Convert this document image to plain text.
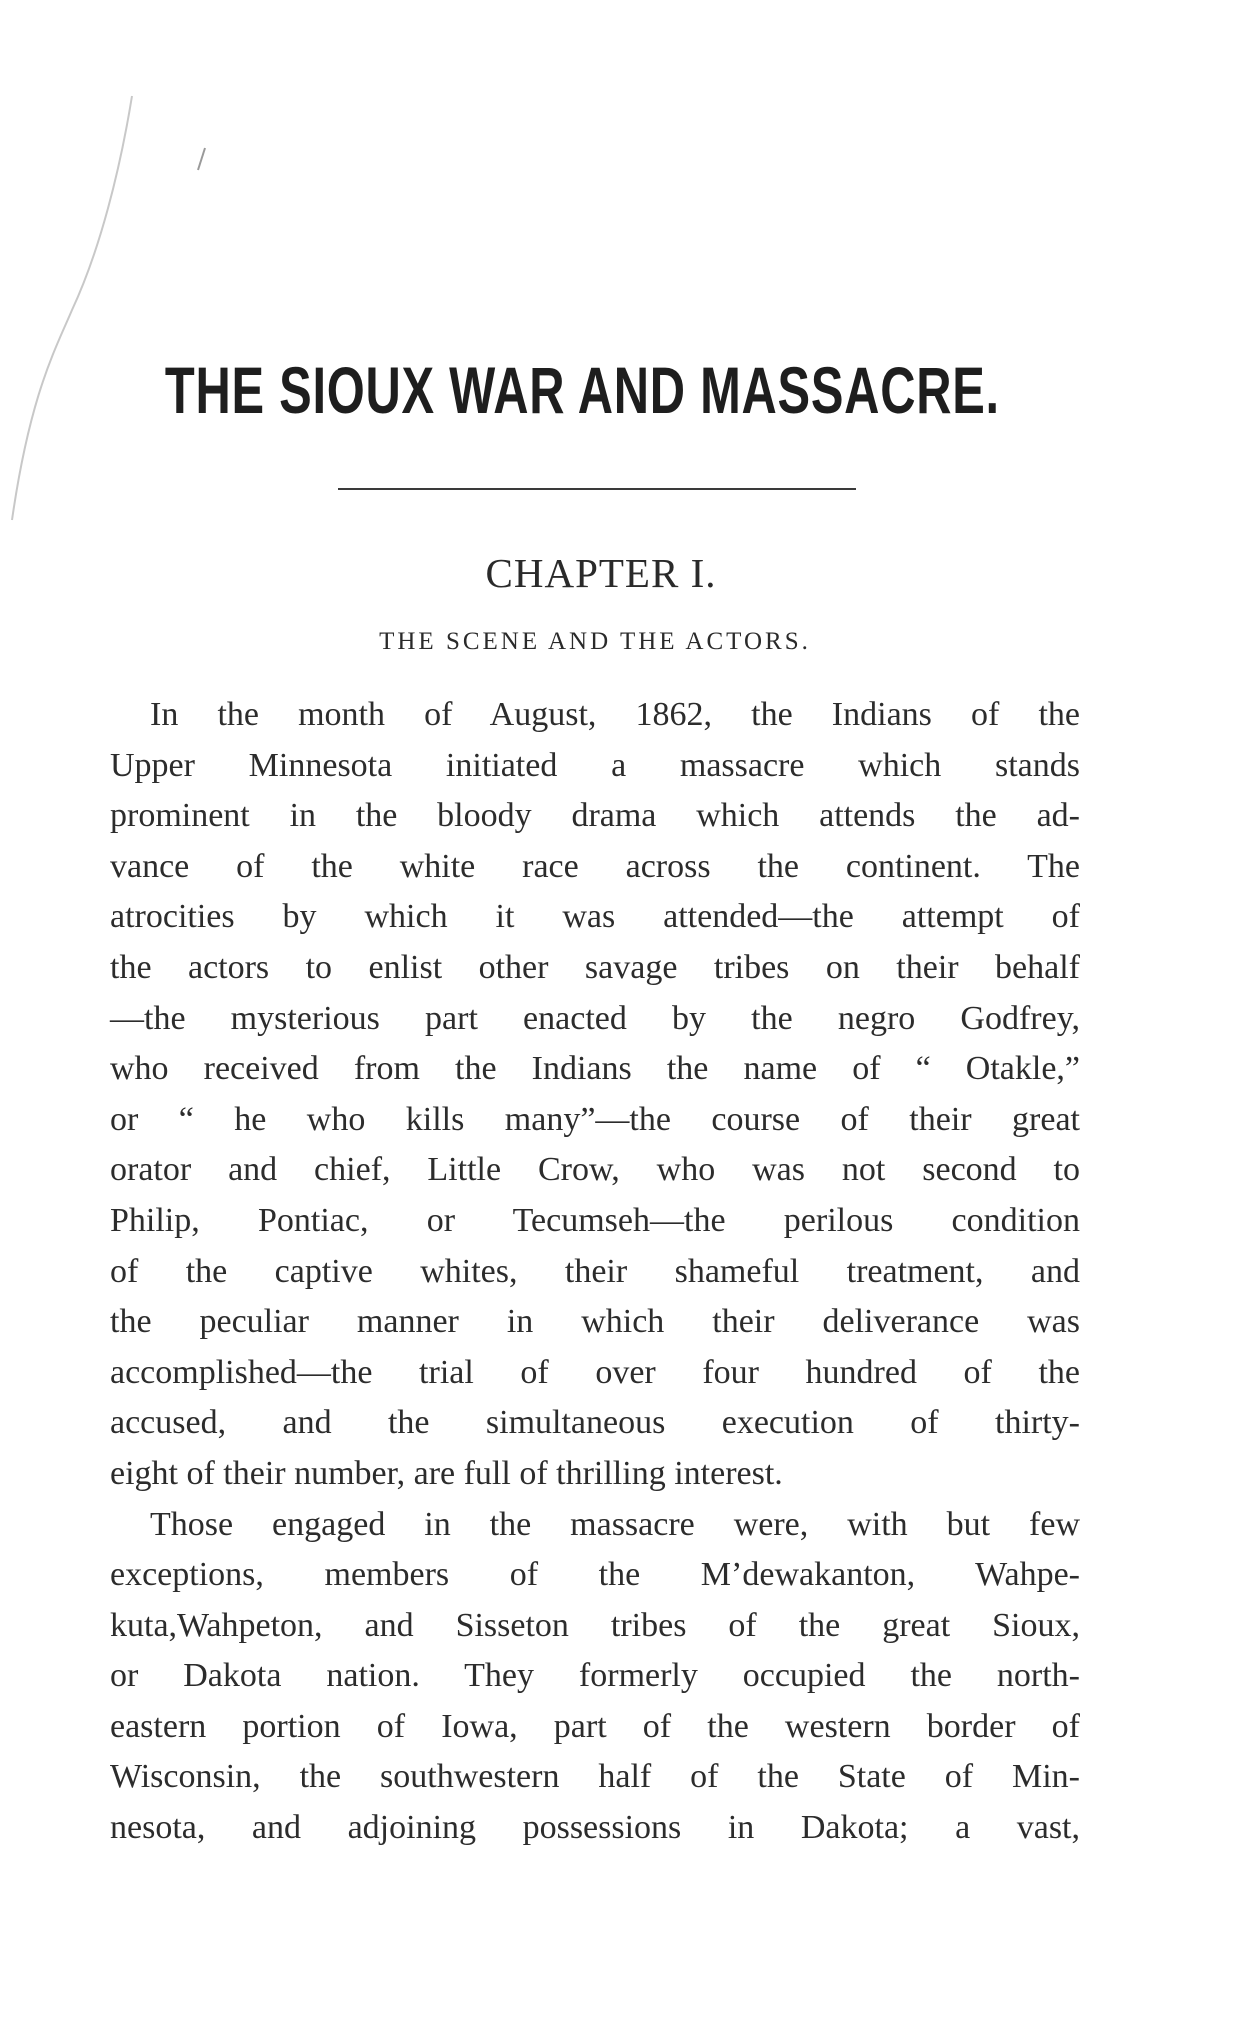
THE SIOUX WAR AND MASSACRE.
CHAPTER I.
THE SCENE AND THE ACTORS.
In the month of August, 1862, the Indians of the
Upper Minnesota initiated a massacre which stands
prominent in the bloody drama which attends the ad-
vance of the white race across the continent. The
atrocities by which it was attended—the attempt of
the actors to enlist other savage tribes on their behalf
—the mysterious part enacted by the negro Godfrey,
who received from the Indians the name of “ Otakle,”
or “ he who kills many”—the course of their great
orator and chief, Little Crow, who was not second to
Philip, Pontiac, or Tecumseh—the perilous condition
of the captive whites, their shameful treatment, and
the peculiar manner in which their deliverance was
accomplished—the trial of over four hundred of the
accused, and the simultaneous execution of thirty-
eight of their number, are full of thrilling interest.
Those engaged in the massacre were, with but few
exceptions, members of the M’dewakanton, Wahpe-
kuta,Wahpeton, and Sisseton tribes of the great Sioux,
or Dakota nation. They formerly occupied the north-
eastern portion of Iowa, part of the western border of
Wisconsin, the southwestern half of the State of Min-
nesota, and adjoining possessions in Dakota; a vast,
